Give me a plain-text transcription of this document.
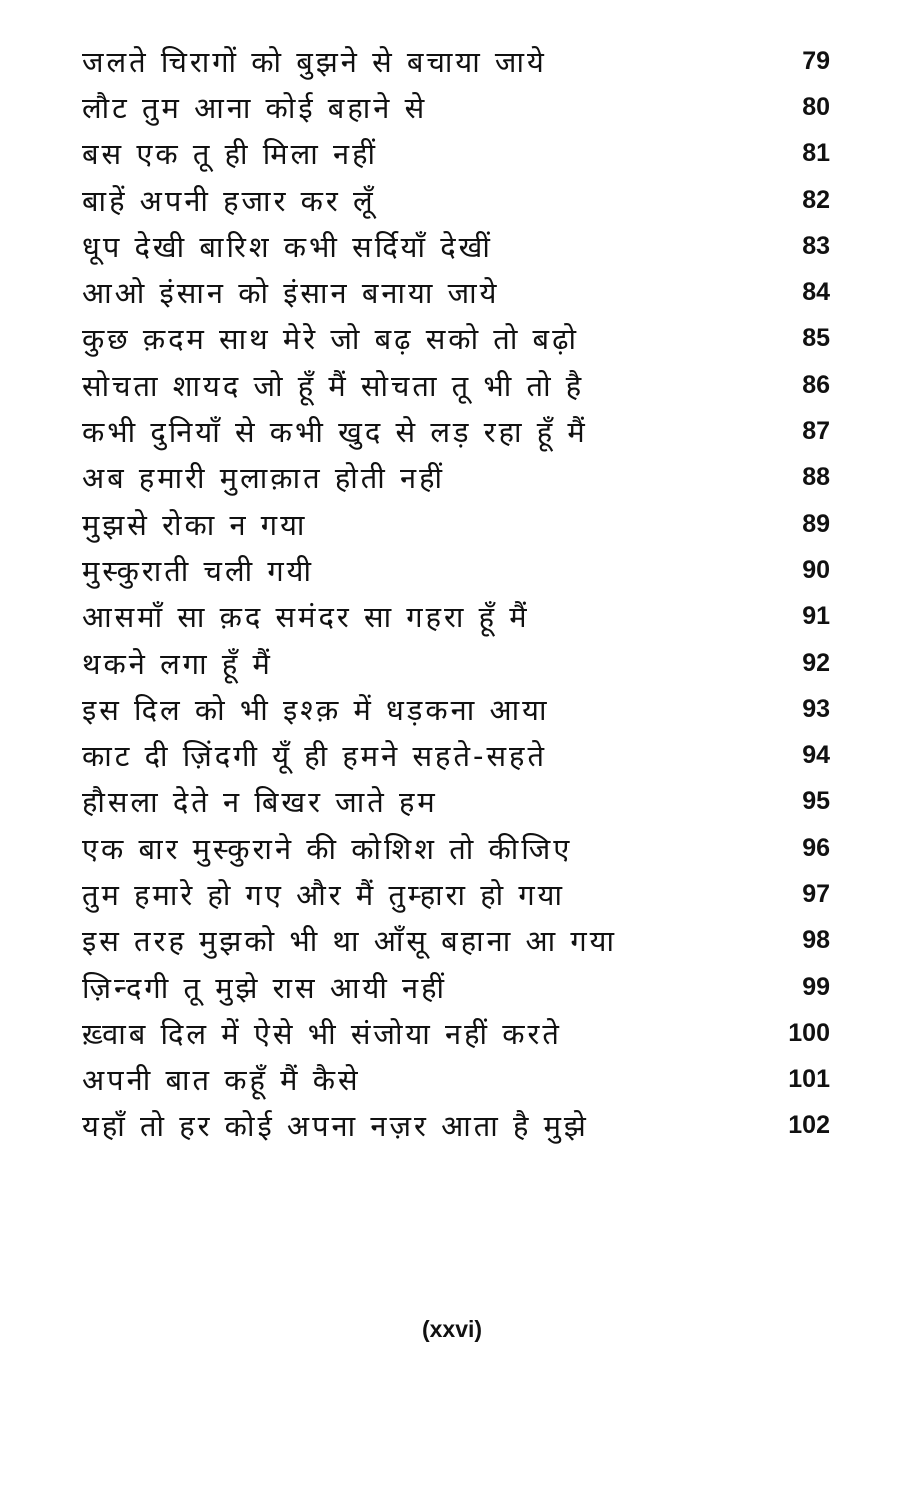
जलते चिरागों को बुझने से बचाया जाये	79
लौट तुम आना कोई बहाने से	80
बस एक तू ही मिला नहीं	81
बाहें अपनी हजार कर लूँ	82
धूप देखी बारिश कभी सर्दियाँ देखीं	83
आओ इंसान को इंसान बनाया जाये	84
कुछ क़दम साथ मेरे जो बढ़ सको तो बढ़ो	85
सोचता शायद जो हूँ मैं सोचता तू भी तो है	86
कभी दुनियाँ से कभी खुद से लड़ रहा हूँ मैं	87
अब हमारी मुलाक़ात होती नहीं	88
मुझसे रोका न गया	89
मुस्कुराती चली गयी	90
आसमाँ सा क़द समंदर सा गहरा हूँ मैं	91
थकने लगा हूँ मैं	92
इस दिल को भी इश्क़ में धड़कना आया	93
काट दी ज़िंदगी यूँ ही हमने सहते-सहते	94
हौसला देते न बिखर जाते हम	95
एक बार मुस्कुराने की कोशिश तो कीजिए	96
तुम हमारे हो गए और मैं तुम्हारा हो गया	97
इस तरह मुझको भी था आँसू बहाना आ गया	98
ज़िन्दगी तू मुझे रास आयी नहीं	99
ख़्वाब दिल में ऐसे भी संजोया नहीं करते	100
अपनी बात कहूँ मैं कैसे	101
यहाँ तो हर कोई अपना नज़र आता है मुझे	102
(xxvi)
